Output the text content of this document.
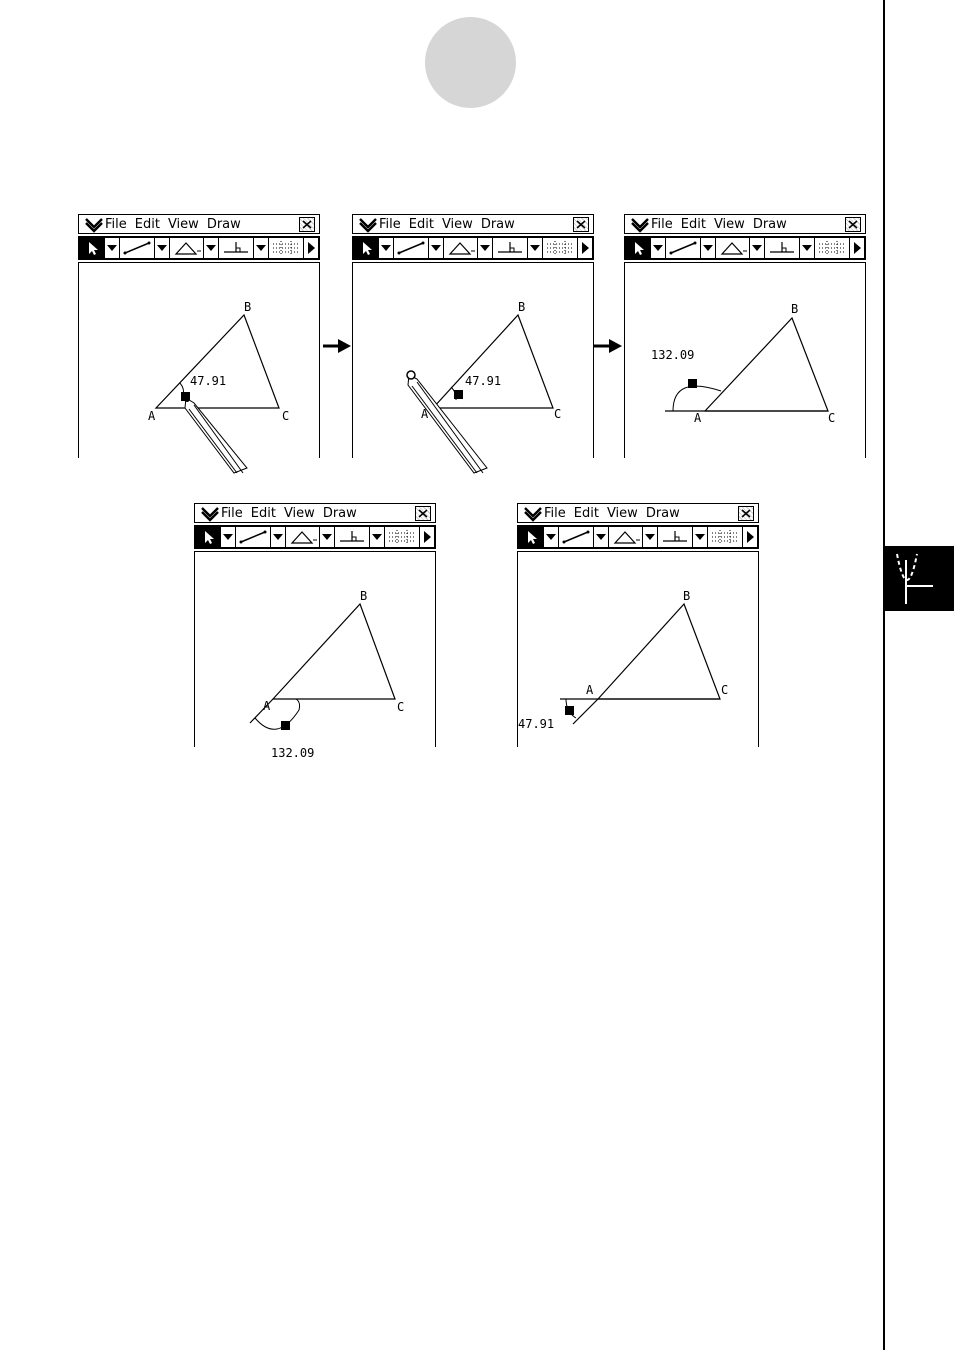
File Edit View Draw
47.91
B
A	C
File Edit View Draw
47.91
B
A	C
File Edit View Draw
132.09
B
A	C
File Edit View Draw
132.09
B
A	C
File Edit View Draw
47.91
B
A	C
